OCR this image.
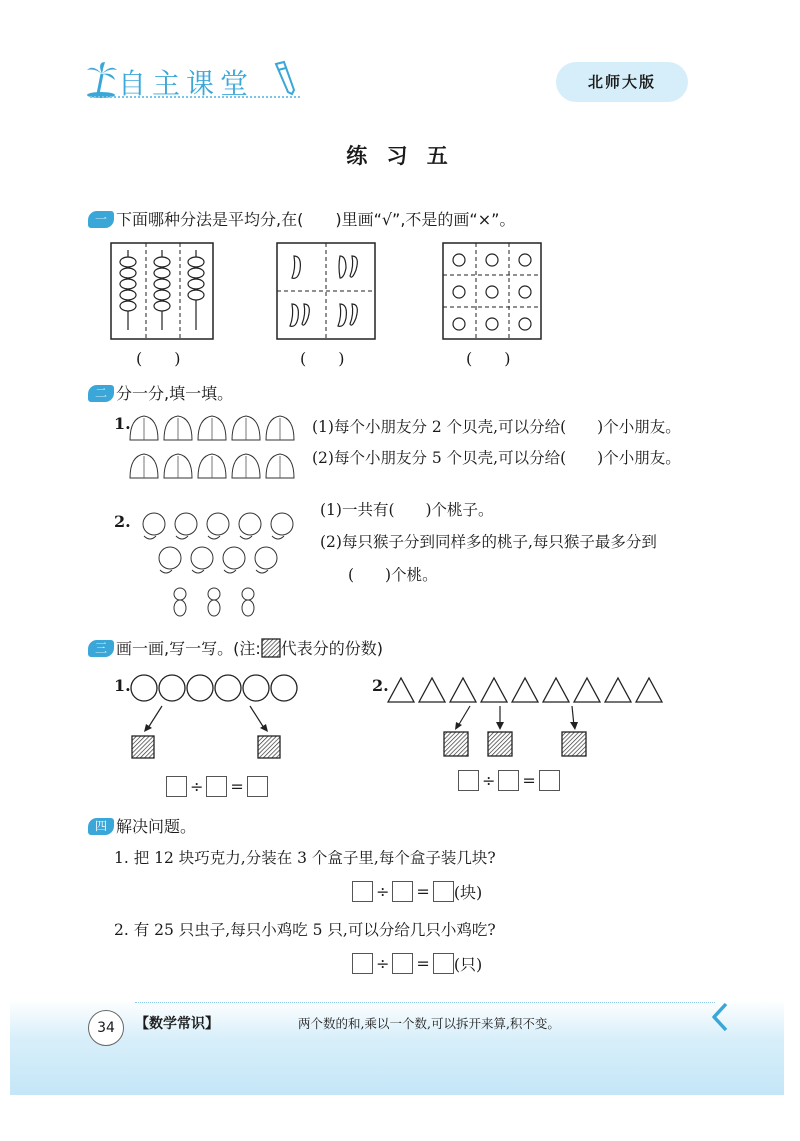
自主课堂	北师大版
练 习 五
一 下面哪种分法是平均分,在(　　)里画“√”,不是的画“×”。
(　　)	(　　)	(　　)
二 分一分,填一填。
1.	(1)每个小朋友分 2 个贝壳,可以分给(　　)个小朋友。
(2)每个小朋友分 5 个贝壳,可以分给(　　)个小朋友。
2.
(1)一共有(　　)个桃子。
(2)每只猴子分到同样多的桃子,每只猴子最多分到
(　　)个桃。
三 画一画,写一写。(注: 代表分的份数)
1.
÷ =
2.
÷ =
四 解决问题。
1. 把 12 块巧克力,分装在 3 个盒子里,每个盒子装几块?
÷ = (块)
2. 有 25 只虫子,每只小鸡吃 5 只,可以分给几只小鸡吃?
÷ = (只)
34	【数学常识】	两个数的和,乘以一个数,可以拆开来算,积不变。
